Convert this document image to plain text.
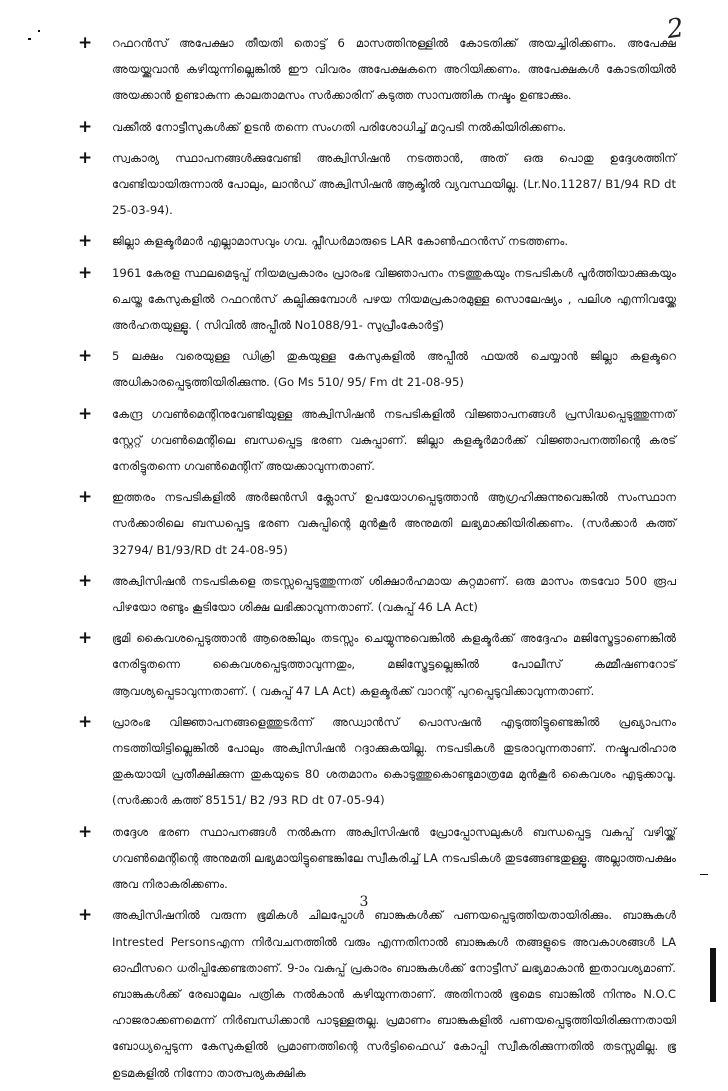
2
+ റഫറൻസ് അപേക്ഷാ തീയതി തൊട്ട് 6 മാസത്തിനുള്ളിൽ കോടതിക്ക് അയച്ചിരിക്കണം. അപേക്ഷ അയയ്ക്കുവാൻ കഴിയുന്നില്ലെങ്കിൽ ഈ വിവരം അപേക്ഷകനെ അറിയിക്കണം. അപേക്ഷകൾ കോടതിയിൽ അയക്കാൻ ഉണ്ടാകുന്ന കാലതാമസം സർക്കാരിന് കടുത്ത സാമ്പത്തിക നഷ്ടം ഉണ്ടാക്കും.
+ വക്കീൽ നോട്ടീസുകൾക്ക് ഉടൻ തന്നെ സംഗതി പരിശോധിച്ച് മറുപടി നൽകിയിരിക്കണം.
+ സ്വകാര്യ സ്ഥാപനങ്ങൾക്കുവേണ്ടി അക്വിസിഷൻ നടത്താൻ, അത് ഒരു പൊതു ഉദ്ദേശത്തിന് വേണ്ടിയായിരുന്നാൽ പോലും, ലാൻഡ് അക്വിസിഷൻ ആക്ടിൽ വ്യവസ്ഥയില്ല. (Lr.No.11287/ B1/94 RD dt 25-03-94).
+ ജില്ലാ കളക്ടർമാർ എല്ലാമാസവും ഗവ. പ്ലീഡർമാരുടെ LAR കോൺഫറൻസ് നടത്തണം.
+ 1961 കേരള സ്ഥലമെടുപ്പ് നിയമപ്രകാരം പ്രാരംഭ വിജ്ഞാപനം നടത്തുകയും നടപടികൾ പൂർത്തിയാക്കുകയും ചെയ്ത കേസുകളിൽ റഫറൻസ് കല്പിക്കുമ്പോൾ പഴയ നിയമപ്രകാരമുള്ള സൊലേഷ്യം , പലിശ എന്നിവയ്ക്കേ അർഹതയുള്ളൂ. ( സിവിൽ അപ്പീൽ No1088/91- സുപ്രീംകോർട്ട്)
+ 5 ലക്ഷം വരെയുള്ള ഡിക്രി തുകയുള്ള കേസുകളിൽ അപ്പീൽ ഫയൽ ചെയ്യാൻ ജില്ലാ കളക്ടറെ അധികാരപ്പെടുത്തിയിരിക്കുന്നു. (Go Ms 510/ 95/ Fm dt 21-08-95)
+ കേന്ദ്ര ഗവൺമെന്റിനുവേണ്ടിയുള്ള അക്വിസിഷൻ നടപടികളിൽ വിജ്ഞാപനങ്ങൾ പ്രസിദ്ധപ്പെടുത്തുന്നത് സ്റ്റേറ്റ് ഗവൺമെന്റിലെ ബന്ധപ്പെട്ട ഭരണ വകുപ്പാണ്. ജില്ലാ കളക്ടർമാർക്ക് വിജ്ഞാപനത്തിന്റെ കരട് നേരിട്ടുതന്നെ ഗവൺമെന്റിന് അയക്കാവുന്നതാണ്.
+ ഇത്തരം നടപടികളിൽ അർജൻസി ക്ലോസ് ഉപയോഗപ്പെടുത്താൻ ആഗ്രഹിക്കുന്നുവെങ്കിൽ സംസ്ഥാന സർക്കാരിലെ ബന്ധപ്പെട്ട ഭരണ വകുപ്പിന്റെ മുൻകൂർ അനുമതി ലഭ്യമാക്കിയിരിക്കണം. (സർക്കാർ കത്ത് 32794/ B1/93/RD dt 24-08-95)
+ അക്വിസിഷൻ നടപടികളെ തടസ്സപ്പെടുത്തുന്നത് ശിക്ഷാർഹമായ കുറ്റമാണ്. ഒരു മാസം തടവോ 500 രൂപ പിഴയോ രണ്ടും കൂടിയോ ശിക്ഷ ലഭിക്കാവുന്നതാണ്. (വകുപ്പ് 46 LA Act)
+ ഭൂമി കൈവശപ്പെടുത്താൻ ആരെങ്കിലും തടസ്സം ചെയ്യുന്നുവെങ്കിൽ കളക്ടർക്ക് അദ്ദേഹം മജിസ്ട്രേട്ടാണെങ്കിൽ നേരിട്ടുതന്നെ കൈവശപ്പെടുത്താവുന്നതും, മജിസ്ട്രേട്ടല്ലെങ്കിൽ പോലീസ് കമ്മീഷണറോട് ആവശ്യപ്പെടാവുന്നതാണ്. ( വകുപ്പ് 47 LA Act) കളക്ടർക്ക് വാറന്റ് പുറപ്പെടുവിക്കാവുന്നതാണ്.
+ പ്രാരംഭ വിജ്ഞാപനങ്ങളെത്തുടർന്ന് അഡ്വാൻസ് പൊസഷൻ എടുത്തിട്ടുണ്ടെങ്കിൽ പ്രഖ്യാപനം നടത്തിയിട്ടില്ലെങ്കിൽ പോലും അക്വിസിഷൻ റദ്ദാക്കുകയില്ല. നടപടികൾ തുടരാവുന്നതാണ്. നഷ്ടപരിഹാര തുകയായി പ്രതീക്ഷിക്കുന്ന തുകയുടെ 80 ശതമാനം കൊടുത്തുകൊണ്ടുമാത്രമേ മുൻകൂർ കൈവശം എടുക്കാവൂ. (സർക്കാർ കത്ത് 85151/ B2 /93 RD dt 07-05-94)
+ തദ്ദേശ ഭരണ സ്ഥാപനങ്ങൾ നൽകുന്ന അക്വിസിഷൻ പ്രോപ്പോസലുകൾ ബന്ധപ്പെട്ട വകുപ്പ് വഴിയ്ക്ക് ഗവൺമെന്റിന്റെ അനുമതി ലഭ്യമായിട്ടുണ്ടെങ്കിലേ സ്വീകരിച്ച് LA നടപടികൾ തുടങ്ങേണ്ടതുള്ളൂ. അല്ലാത്തപക്ഷം അവ നിരാകരിക്കണം.
+ അക്വിസിഷനിൽ വരുന്ന ഭൂമികൾ ചിലപ്പോൾ ബാങ്കുകൾക്ക് പണയപ്പെടുത്തിയതായിരിക്കും. ബാങ്കുകൾ Intrested Personsഎന്ന നിർവചനത്തിൽ വരും എന്നതിനാൽ ബാങ്കുകൾ തങ്ങളുടെ അവകാശങ്ങൾ LA ഓഫീസറെ ധരിപ്പിക്കേണ്ടതാണ്. 9-ാം വകുപ്പ് പ്രകാരം ബാങ്കുകൾക്ക് നോട്ടീസ് ലഭ്യമാകാൻ ഇതാവശ്യമാണ്. ബാങ്കുകൾക്ക് രേഖാമൂലം പത്രിക നൽകാൻ കഴിയുന്നതാണ്. അതിനാൽ ഭൂമെട ബാങ്കിൽ നിന്നും N.O.C ഹാജരാക്കണമെന്ന് നിർബന്ധിക്കാൻ പാടുള്ളതല്ല. പ്രമാണം ബാങ്കുകളിൽ പണയപ്പെടുത്തിയിരിക്കുന്നതായി ബോധ്യപ്പെടുന്ന കേസുകളിൽ പ്രമാണത്തിന്റെ സർട്ടിഫൈഡ് കോപ്പി സ്വീകരിക്കുന്നതിൽ തടസ്സമില്ല. ഭൂ ഉടമകളിൽ നിന്നോ താത്പര്യകക്ഷിക
3
